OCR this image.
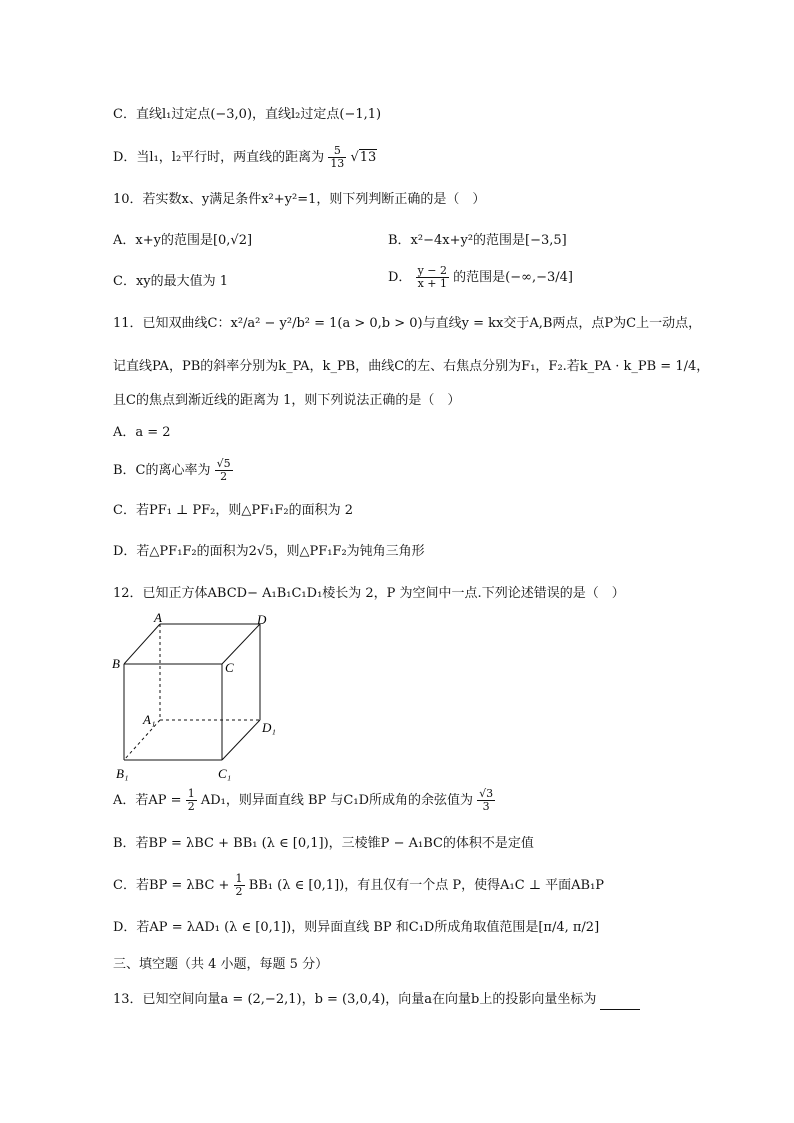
C．直线l₁过定点(−3,0)，直线l₂过定点(−1,1)
D．当l₁，l₂平行时，两直线的距离为 $\frac{5}{13} √13$
10．若实数x、y满足条件x²+y²=1，则下列判断正确的是（　）
A．x+y的范围是[0,√2]	B．x²−4x+y²的范围是[−3,5]
C．xy的最大值为 1	D． $\frac{y - 2}{x + 1}$ 的范围是(−∞,−3/4]
11．已知双曲线C：x²/a² − y²/b² = 1(a > 0,b > 0)与直线y = kx交于A,B两点，点P为C上一动点，
记直线PA，PB的斜率分别为k_PA，k_PB，曲线C的左、右焦点分别为F₁，F₂.若k_PA · k_PB = 1/4，
且C的焦点到渐近线的距离为 1，则下列说法正确的是（　）
A．a = 2
B．C的离心率为 $\frac{√5}{2}$
C．若PF₁ ⊥ PF₂，则△PF₁F₂的面积为 2
D．若△PF₁F₂的面积为2√5，则△PF₁F₂为钝角三角形
12．已知正方体ABCD− A₁B₁C₁D₁棱长为 2，P 为空间中一点.下列论述错误的是（　）
A	D
B	C
A₁
D₁
B₁	C₁
A．若AP = $\frac{1}{2} AD_1$，则异面直线 BP 与C₁D所成角的余弦值为 $\frac{√3}{3}$
B．若BP = λBC + BB₁ (λ ∈ [0,1])，三棱锥P − A₁BC的体积不是定值
C．若BP = $\lambda BC + \frac{1}{2} BB_1$ (λ ∈ [0,1])，有且仅有一个点 P，使得A₁C ⊥ 平面AB₁P
D．若AP = λAD₁ (λ ∈ [0,1])，则异面直线 BP 和C₁D所成角取值范围是[π/4, π/2]
三、填空题（共 4 小题，每题 5 分）
13．已知空间向量a = (2,−2,1)，b = (3,0,4)，向量a在向量b上的投影向量坐标为
